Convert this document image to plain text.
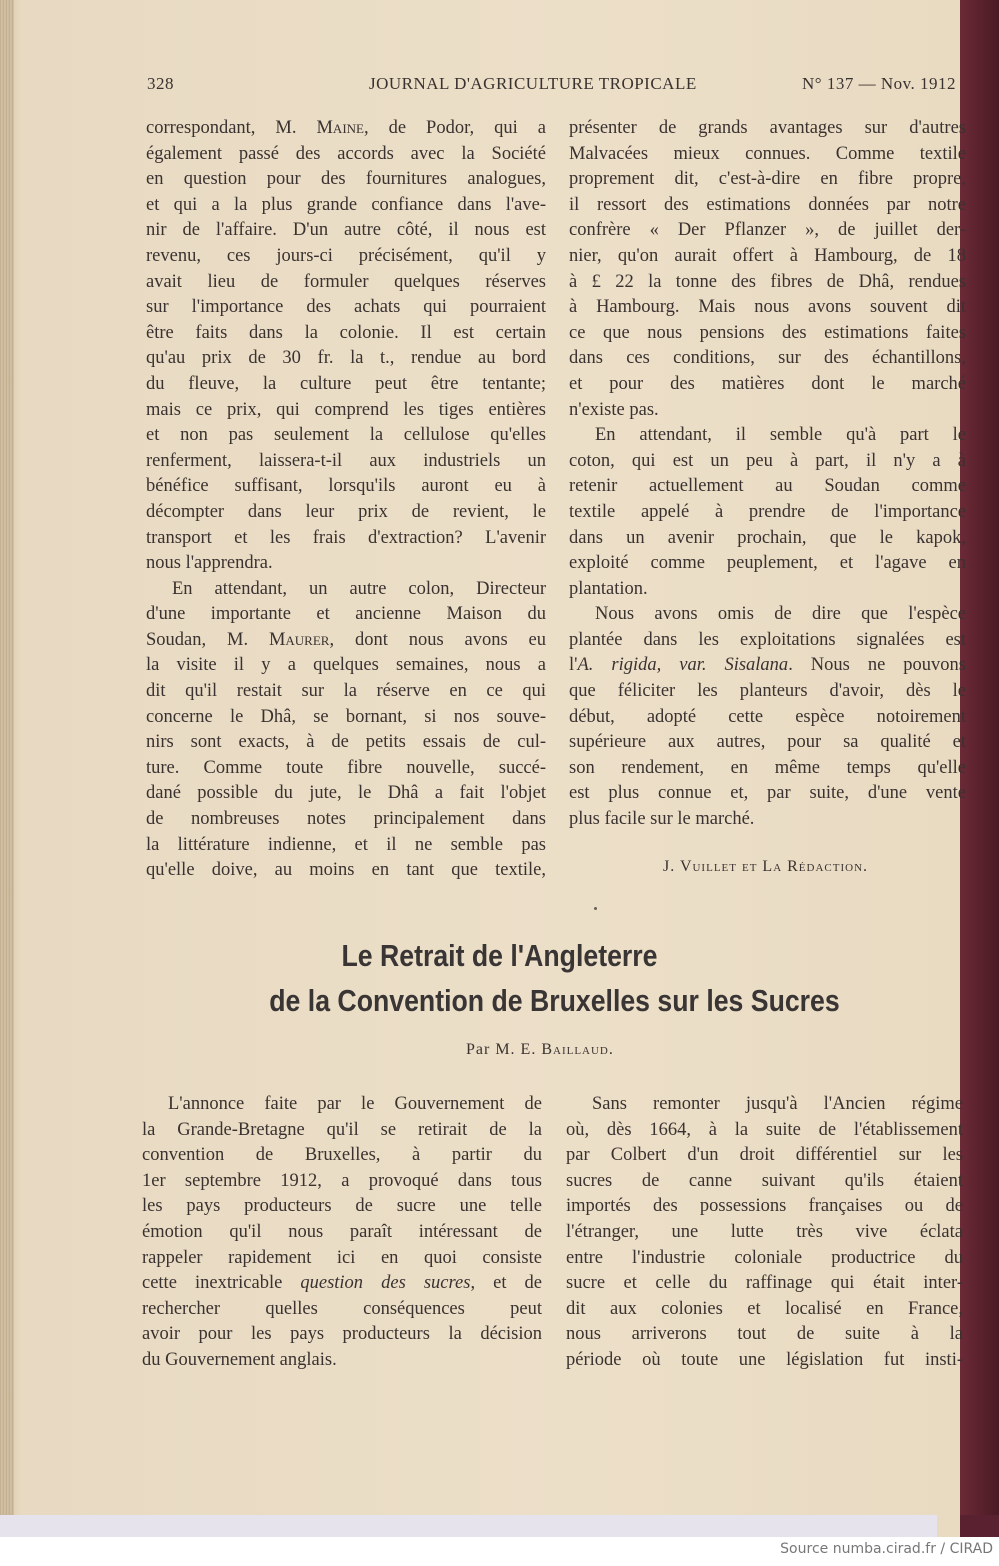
328	JOURNAL D'AGRICULTURE TROPICALE	N° 137 — Nov. 1912
correspondant, M. Maine, de Podor, qui a
également passé des accords avec la Société
en question pour des fournitures analogues,
et qui a la plus grande confiance dans l'ave-
nir de l'affaire. D'un autre côté, il nous est
revenu, ces jours-ci précisément, qu'il y
avait lieu de formuler quelques réserves
sur l'importance des achats qui pourraient
être faits dans la colonie. Il est certain
qu'au prix de 30 fr. la t., rendue au bord
du fleuve, la culture peut être tentante;
mais ce prix, qui comprend les tiges entières
et non pas seulement la cellulose qu'elles
renferment, laissera-t-il aux industriels un
bénéfice suffisant, lorsqu'ils auront eu à
décompter dans leur prix de revient, le
transport et les frais d'extraction? L'avenir
nous l'apprendra.
En attendant, un autre colon, Directeur
d'une importante et ancienne Maison du
Soudan, M. Maurer, dont nous avons eu
la visite il y a quelques semaines, nous a
dit qu'il restait sur la réserve en ce qui
concerne le Dhâ, se bornant, si nos souve-
nirs sont exacts, à de petits essais de cul-
ture. Comme toute fibre nouvelle, succé-
dané possible du jute, le Dhâ a fait l'objet
de nombreuses notes principalement dans
la littérature indienne, et il ne semble pas
qu'elle doive, au moins en tant que textile,
présenter de grands avantages sur d'autres
Malvacées mieux connues. Comme textile
proprement dit, c'est-à-dire en fibre propre,
il ressort des estimations données par notre
confrère « Der Pflanzer », de juillet der-
nier, qu'on aurait offert à Hambourg, de 18
à £ 22 la tonne des fibres de Dhâ, rendues
à Hambourg. Mais nous avons souvent dit
ce que nous pensions des estimations faites
dans ces conditions, sur des échantillons,
et pour des matières dont le marché
n'existe pas.
En attendant, il semble qu'à part le
coton, qui est un peu à part, il n'y a à
retenir actuellement au Soudan comme
textile appelé à prendre de l'importance
dans un avenir prochain, que le kapok,
exploité comme peuplement, et l'agave en
plantation.
Nous avons omis de dire que l'espèce
plantée dans les exploitations signalées est
l'A. rigida, var. Sisalana. Nous ne pouvons
que féliciter les planteurs d'avoir, dès le
début, adopté cette espèce notoirement
supérieure aux autres, pour sa qualité et
son rendement, en même temps qu'elle
est plus connue et, par suite, d'une vente
plus facile sur le marché.
J. Vuillet et La Rédaction.
Le Retrait de l'Angleterre
de la Convention de Bruxelles sur les Sucres
Par M. E. Baillaud.
L'annonce faite par le Gouvernement de
la Grande-Bretagne qu'il se retirait de la
convention de Bruxelles, à partir du
1er septembre 1912, a provoqué dans tous
les pays producteurs de sucre une telle
émotion qu'il nous paraît intéressant de
rappeler rapidement ici en quoi consiste
cette inextricable question des sucres, et de
rechercher quelles conséquences peut
avoir pour les pays producteurs la décision
du Gouvernement anglais.
Sans remonter jusqu'à l'Ancien régime
où, dès 1664, à la suite de l'établissement
par Colbert d'un droit différentiel sur les
sucres de canne suivant qu'ils étaient
importés des possessions françaises ou de
l'étranger, une lutte très vive éclata
entre l'industrie coloniale productrice du
sucre et celle du raffinage qui était inter-
dit aux colonies et localisé en France,
nous arriverons tout de suite à la
période où toute une législation fut insti-
Source numba.cirad.fr / CIRAD
